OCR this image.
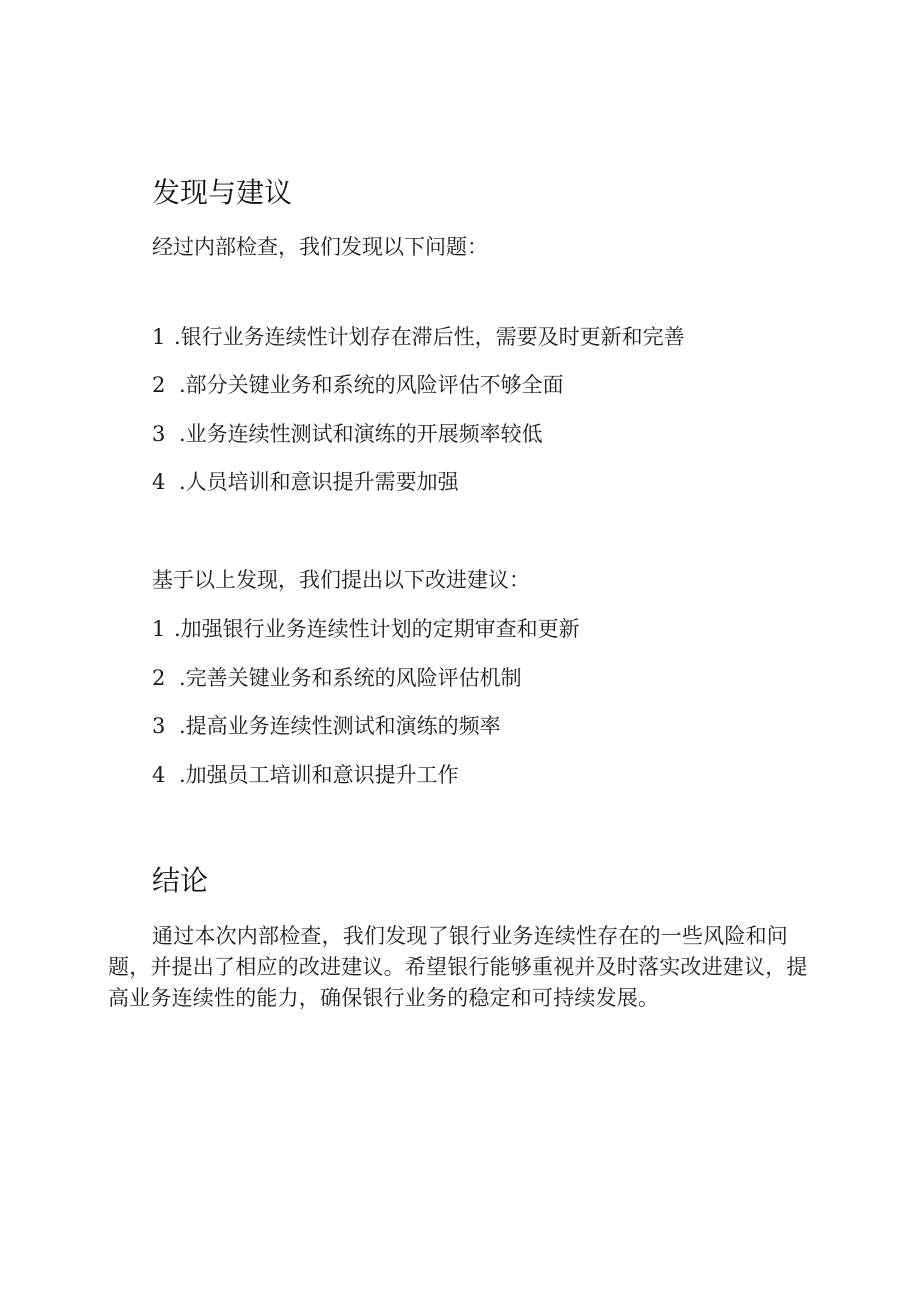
发现与建议

经过内部检查，我们发现以下问题：

1 .银行业务连续性计划存在滞后性，需要及时更新和完善
2 .部分关键业务和系统的风险评估不够全面
3 .业务连续性测试和演练的开展频率较低
4 .人员培训和意识提升需要加强

基于以上发现，我们提出以下改进建议：

1 .加强银行业务连续性计划的定期审查和更新
2 .完善关键业务和系统的风险评估机制
3 .提高业务连续性测试和演练的频率
4 .加强员工培训和意识提升工作
结论

通过本次内部检查，我们发现了银行业务连续性存在的一些风险和问题，并提出了相应的改进建议。希望银行能够重视并及时落实改进建议，提高业务连续性的能力，确保银行业务的稳定和可持续发展。
